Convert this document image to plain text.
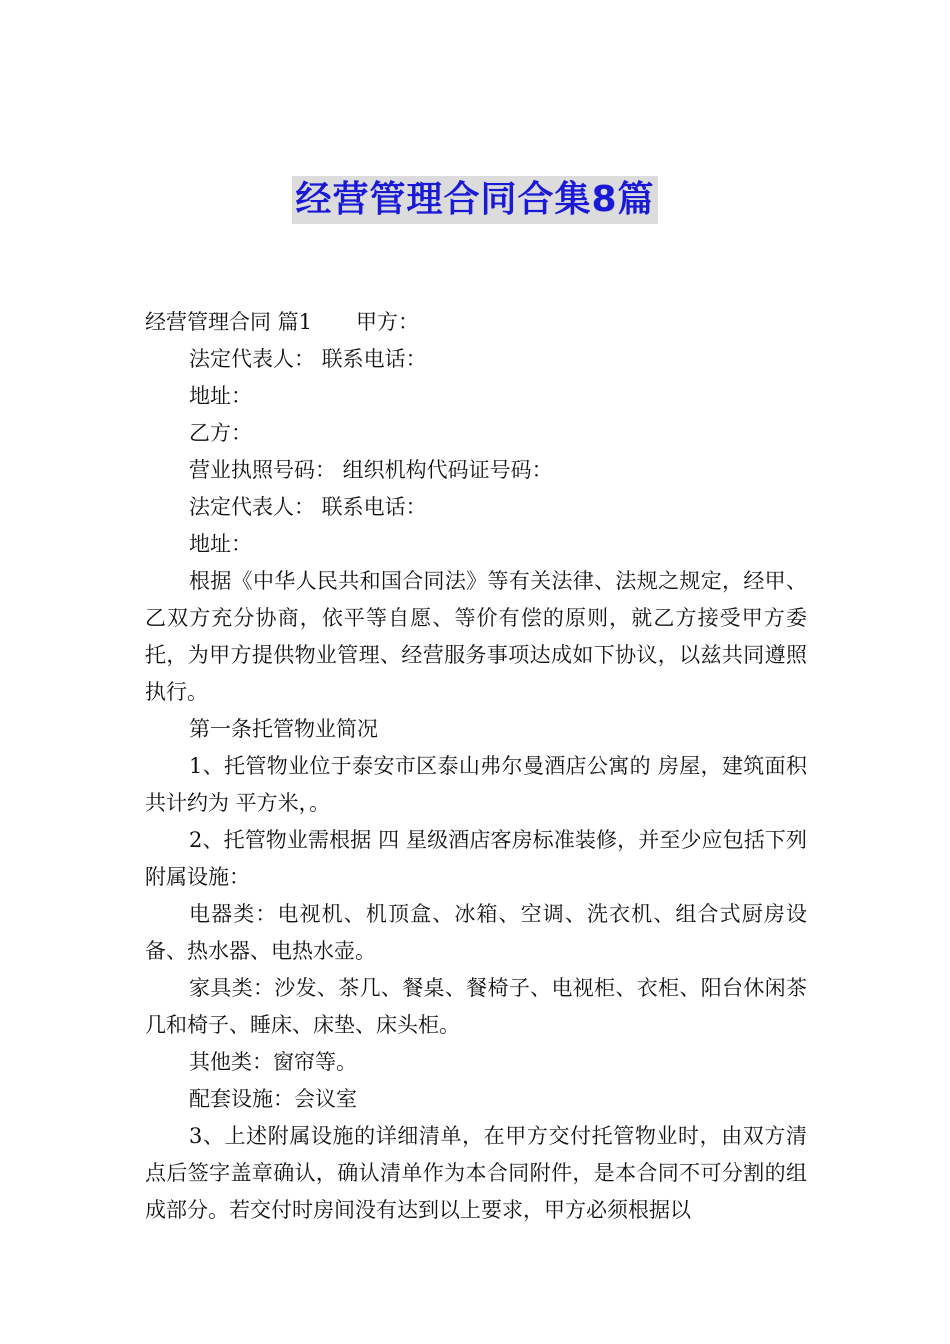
经营管理合同合集8篇

经营管理合同 篇1 甲方：

法定代表人： 联系电话：

地址：

乙方：

营业执照号码： 组织机构代码证号码：

法定代表人： 联系电话：

地址：

根据《中华人民共和国合同法》等有关法律、法规之规定，经甲、乙双方充分协商，依平等自愿、等价有偿的原则，就乙方接受甲方委托，为甲方提供物业管理、经营服务事项达成如下协议，以兹共同遵照执行。

第一条托管物业简况

1、托管物业位于泰安市区泰山弗尔曼酒店公寓的 房屋，建筑面积共计约为 平方米，。

2、托管物业需根据 四 星级酒店客房标准装修，并至少应包括下列附属设施：

电器类：电视机、机顶盒、冰箱、空调、洗衣机、组合式厨房设备、热水器、电热水壶。

家具类：沙发、茶几、餐桌、餐椅子、电视柜、衣柜、阳台休闲茶几和椅子、睡床、床垫、床头柜。

其他类：窗帘等。

配套设施：会议室

3、上述附属设施的详细清单，在甲方交付托管物业时，由双方清点后签字盖章确认，确认清单作为本合同附件，是本合同不可分割的组成部分。若交付时房间没有达到以上要求，甲方必须根据以
